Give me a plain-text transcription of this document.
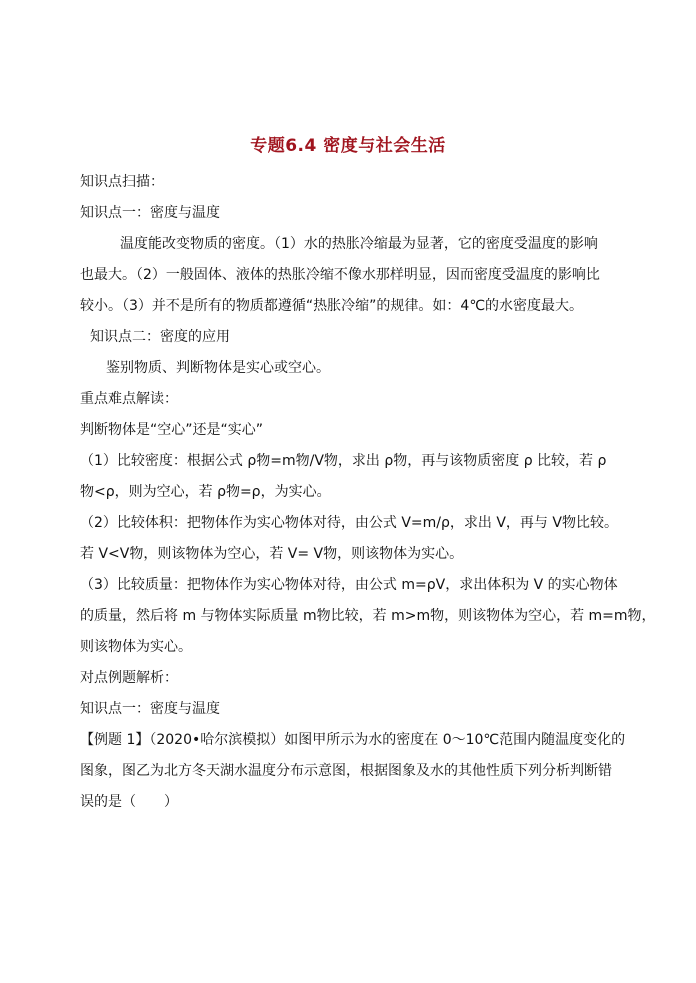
专题6.4 密度与社会生活
知识点扫描：
知识点一：密度与温度
温度能改变物质的密度。（1）水的热胀冷缩最为显著，它的密度受温度的影响
也最大。（2）一般固体、液体的热胀冷缩不像水那样明显，因而密度受温度的影响比
较小。（3）并不是所有的物质都遵循“热胀冷缩”的规律。如：4℃的水密度最大。
知识点二：密度的应用
鉴别物质、判断物体是实心或空心。
重点难点解读：
判断物体是“空心”还是“实心”
（1）比较密度：根据公式 ρ物=m物/V物，求出 ρ物，再与该物质密度 ρ 比较，若 ρ
物<ρ，则为空心，若 ρ物=ρ，为实心。
（2）比较体积：把物体作为实心物体对待，由公式 V=m/ρ，求出 V，再与 V物比较。
若 V<V物，则该物体为空心，若 V= V物，则该物体为实心。
（3）比较质量：把物体作为实心物体对待，由公式 m=ρV，求出体积为 V 的实心物体
的质量，然后将 m 与物体实际质量 m物比较，若 m>m物，则该物体为空心，若 m=m物，
则该物体为实心。
对点例题解析：
知识点一：密度与温度
【例题 1】（2020•哈尔滨模拟）如图甲所示为水的密度在 0～10℃范围内随温度变化的
图象，图乙为北方冬天湖水温度分布示意图，根据图象及水的其他性质下列分析判断错
误的是（　　）
